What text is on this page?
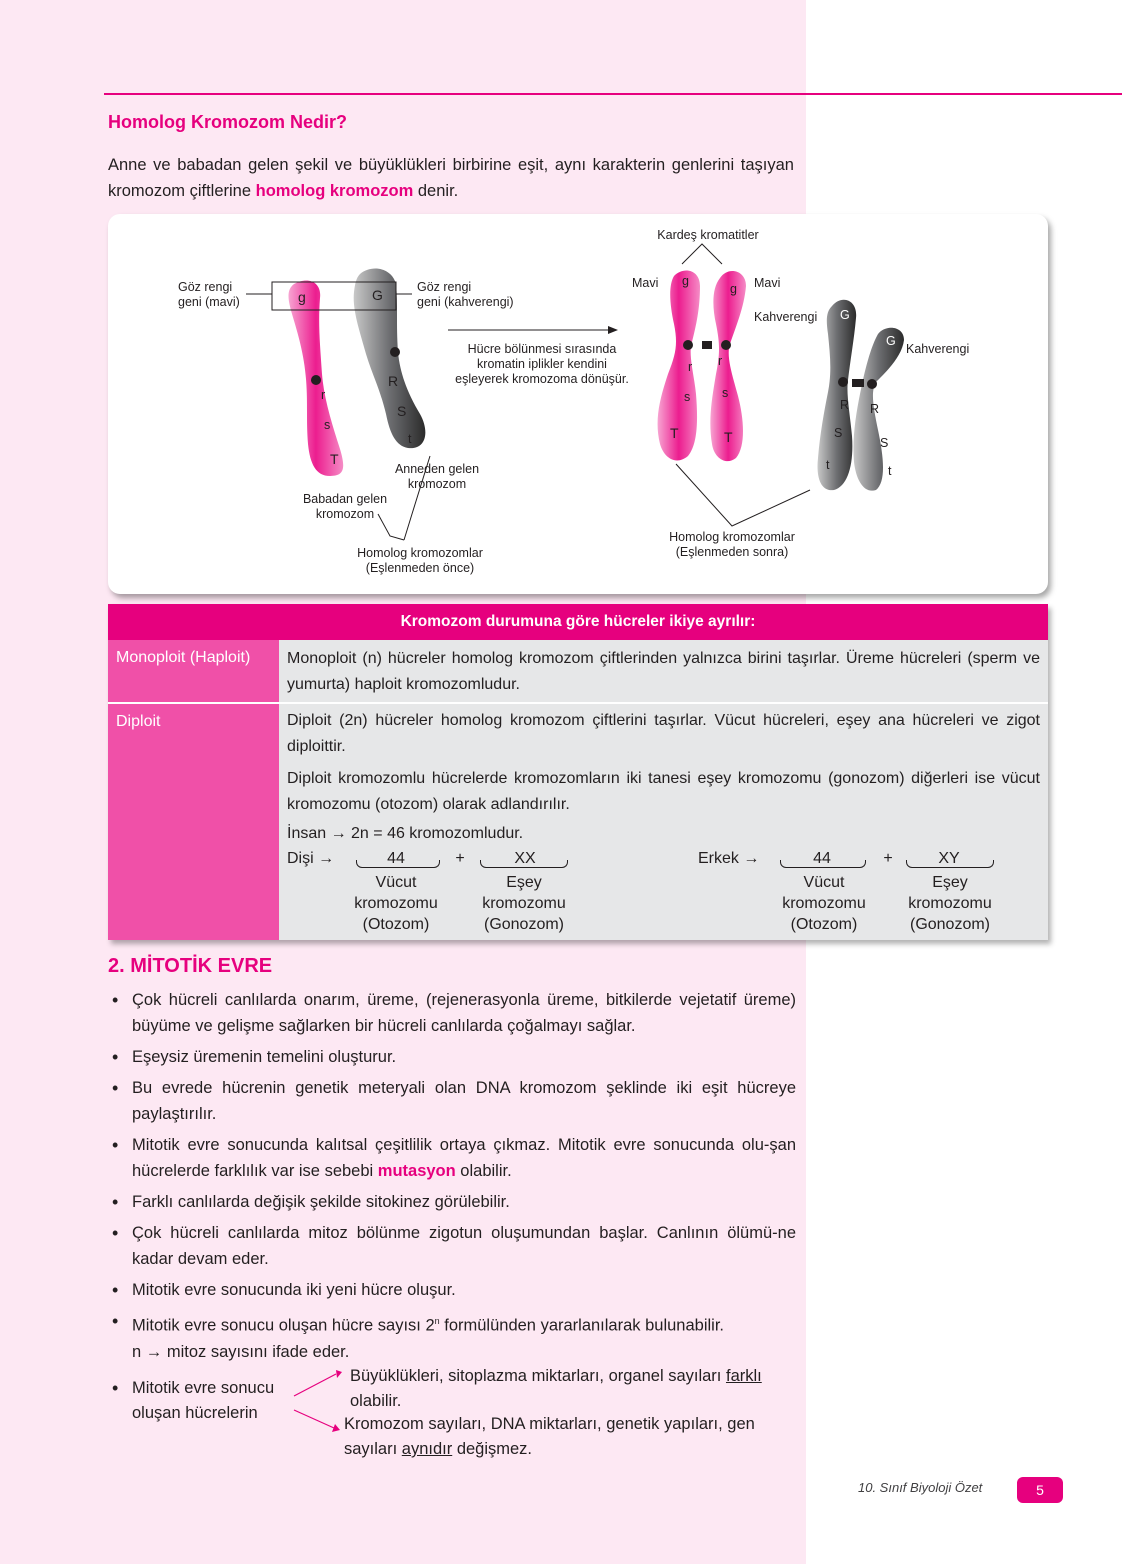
Homolog Kromozom Nedir?
Anne ve babadan gelen şekil ve büyüklükleri birbirine eşit, aynı karakterin genlerini taşıyan kromozom çiftlerine homolog kromozom denir.
g	G
r
s
T
R
S
t
g
g
r r
s	s
T	T
G
G
R R
S
S
t	t
Göz rengi
geni (mavi)
Göz rengi
geni (kahverengi)
Hücre bölünmesi sırasında kromatin iplikler kendini eşleyerek kromozoma dönüşür.
Anneden gelen
kromozom
Babadan gelen
kromozom
Homolog kromozomlar
(Eşlenmeden önce)
Kardeş kromatitler
Mavi	Mavi
Kahverengi
Kahverengi
Homolog kromozomlar
(Eşlenmeden sonra)
Kromozom durumuna göre hücreler ikiye ayrılır:
Monoploit (Haploit)	Monoploit (n) hücreler homolog kromozom çiftlerinden yalnızca birini taşırlar. Üreme hücreleri (sperm ve yumurta) haploit kromozomludur.
Diploit	Diploit (2n) hücreler homolog kromozom çiftlerini taşırlar. Vücut hücreleri, eşey ana hücreleri ve zigot diploittir.
Diploit kromozomlu hücrelerde kromozomların iki tanesi eşey kromozomu (gonozom) diğerleri ise vücut kromozomu (otozom) olarak adlandırılır.
İnsan → 2n = 46 kromozomludur.
Dişi →	44	+	XX
Vücut
kromozomu
(Otozom)
Eşey
kromozomu
(Gonozom)
Erkek →	44	+	XY
Vücut
kromozomu
(Otozom)
Eşey
kromozomu
(Gonozom)
2. MİTOTİK EVRE
• Çok hücreli canlılarda onarım, üreme, (rejenerasyonla üreme, bitkilerde vejetatif üreme) büyüme ve gelişme sağlarken bir hücreli canlılarda çoğalmayı sağlar.
• Eşeysiz üremenin temelini oluşturur.
• Bu evrede hücrenin genetik meteryali olan DNA kromozom şeklinde iki eşit hücreye paylaştırılır.
• Mitotik evre sonucunda kalıtsal çeşitlilik ortaya çıkmaz. Mitotik evre sonucunda olu-şan hücrelerde farklılık var ise sebebi mutasyon olabilir.
• Farklı canlılarda değişik şekilde sitokinez görülebilir.
• Çok hücreli canlılarda mitoz bölünme zigotun oluşumundan başlar. Canlının ölümü-ne kadar devam eder.
• Mitotik evre sonucunda iki yeni hücre oluşur.
• Mitotik evre sonucu oluşan hücre sayısı 2$^n$ formülünden yararlanılarak bulunabilir.
n → mitoz sayısını ifade eder.
• Mitotik evre sonucu
oluşan hücrelerin
Büyüklükleri, sitoplazma miktarları, organel sayıları farklı
olabilir.
Kromozom sayıları, DNA miktarları, genetik yapıları, gen
sayıları aynıdır değişmez.
10. Sınıf Biyoloji Özet	5
